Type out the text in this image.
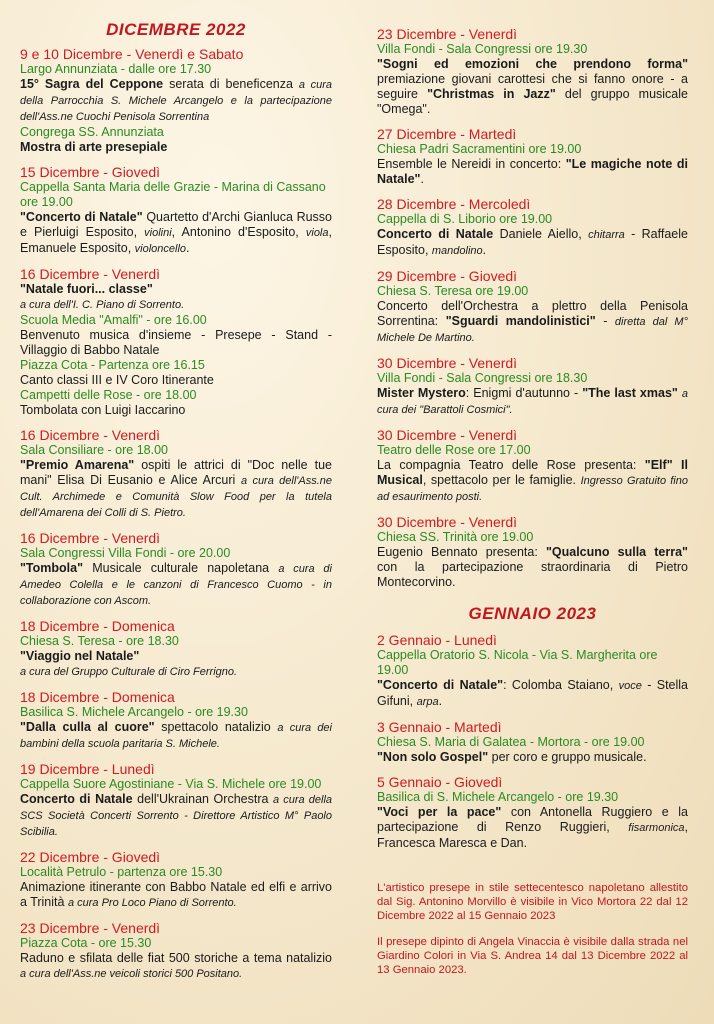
DICEMBRE 2022
9 e 10 Dicembre - Venerdì e Sabato
Largo Annunziata - dalle ore 17.30
15° Sagra del Ceppone serata di beneficenza a cura della Parrocchia S. Michele Arcangelo e la partecipazione dell'Ass.ne Cuochi Penisola Sorrentina
Congrega SS. Annunziata
Mostra di arte presepiale
15 Dicembre - Giovedì
Cappella Santa Maria delle Grazie - Marina di Cassano ore 19.00
"Concerto di Natale" Quartetto d'Archi Gianluca Russo e Pierluigi Esposito, violini, Antonino d'Esposito, viola, Emanuele Esposito, violoncello.
16 Dicembre - Venerdì
"Natale fuori... classe"
a cura dell'I. C. Piano di Sorrento.
Scuola Media "Amalfi" - ore 16.00
Benvenuto musica d'insieme - Presepe - Stand - Villaggio di Babbo Natale
Piazza Cota - Partenza ore 16.15
Canto classi III e IV Coro Itinerante
Campetti delle Rose - ore 18.00
Tombolata con Luigi Iaccarino
16 Dicembre - Venerdì
Sala Consiliare - ore 18.00
"Premio Amarena" ospiti le attrici di "Doc nelle tue mani" Elisa Di Eusanio e Alice Arcuri a cura dell'Ass.ne Cult. Archimede e Comunità Slow Food per la tutela dell'Amarena dei Colli di S. Pietro.
16 Dicembre - Venerdì
Sala Congressi Villa Fondi - ore 20.00
"Tombola" Musicale culturale napoletana a cura di Amedeo Colella e le canzoni di Francesco Cuomo - in collaborazione con Ascom.
18 Dicembre - Domenica
Chiesa S. Teresa - ore 18.30
"Viaggio nel Natale"
a cura del Gruppo Culturale di Ciro Ferrigno.
18 Dicembre - Domenica
Basilica S. Michele Arcangelo - ore 19.30
"Dalla culla al cuore" spettacolo natalizio a cura dei bambini della scuola paritaria S. Michele.
19 Dicembre - Lunedì
Cappella Suore Agostiniane - Via S. Michele ore 19.00
Concerto di Natale dell'Ukrainan Orchestra a cura della SCS Società Concerti Sorrento - Direttore Artistico M° Paolo Scibilia.
22 Dicembre - Giovedì
Località Petrulo - partenza ore 15.30
Animazione itinerante con Babbo Natale ed elfi e arrivo a Trinità a cura Pro Loco Piano di Sorrento.
23 Dicembre - Venerdì
Piazza Cota - ore 15.30
Raduno e sfilata delle fiat 500 storiche a tema natalizio a cura dell'Ass.ne veicoli storici 500 Positano.
23 Dicembre - Venerdì
Villa Fondi - Sala Congressi ore 19.30
"Sogni ed emozioni che prendono forma" premiazione giovani carottesi che si fanno onore - a seguire "Christmas in Jazz" del gruppo musicale "Omega".
27 Dicembre - Martedì
Chiesa Padri Sacramentini ore 19.00
Ensemble le Nereidi in concerto: "Le magiche note di Natale".
28 Dicembre - Mercoledì
Cappella di S. Liborio ore 19.00
Concerto di Natale Daniele Aiello, chitarra - Raffaele Esposito, mandolino.
29 Dicembre - Giovedì
Chiesa S. Teresa ore 19.00
Concerto dell'Orchestra a plettro della Penisola Sorrentina: "Sguardi mandolinistici" - diretta dal M° Michele De Martino.
30 Dicembre - Venerdì
Villa Fondi - Sala Congressi ore 18.30
Mister Mystero: Enigmi d'autunno - "The last xmas" a cura dei "Barattoli Cosmici".
30 Dicembre - Venerdì
Teatro delle Rose ore 17.00
La compagnia Teatro delle Rose presenta: "Elf" Il Musical, spettacolo per le famiglie. Ingresso Gratuito fino ad esaurimento posti.
30 Dicembre - Venerdì
Chiesa SS. Trinità ore 19.00
Eugenio Bennato presenta: "Qualcuno sulla terra" con la partecipazione straordinaria di Pietro Montecorvino.
GENNAIO 2023
2 Gennaio - Lunedì
Cappella Oratorio S. Nicola - Via S. Margherita ore 19.00
"Concerto di Natale": Colomba Staiano, voce - Stella Gifuni, arpa.
3 Gennaio - Martedì
Chiesa S. Maria di Galatea - Mortora - ore 19.00
"Non solo Gospel" per coro e gruppo musicale.
5 Gennaio - Giovedì
Basilica di S. Michele Arcangelo - ore 19.30
"Voci per la pace" con Antonella Ruggiero e la partecipazione di Renzo Ruggieri, fisarmonica, Francesca Maresca e Dan.
L'artistico presepe in stile settecentesco napoletano allestito dal Sig. Antonino Morvillo è visibile in Vico Mortora 22 dal 12 Dicembre 2022 al 15 Gennaio 2023
Il presepe dipinto di Angela Vinaccia è visibile dalla strada nel Giardino Colori in Via S. Andrea 14 dal 13 Dicembre 2022 al 13 Gennaio 2023.
